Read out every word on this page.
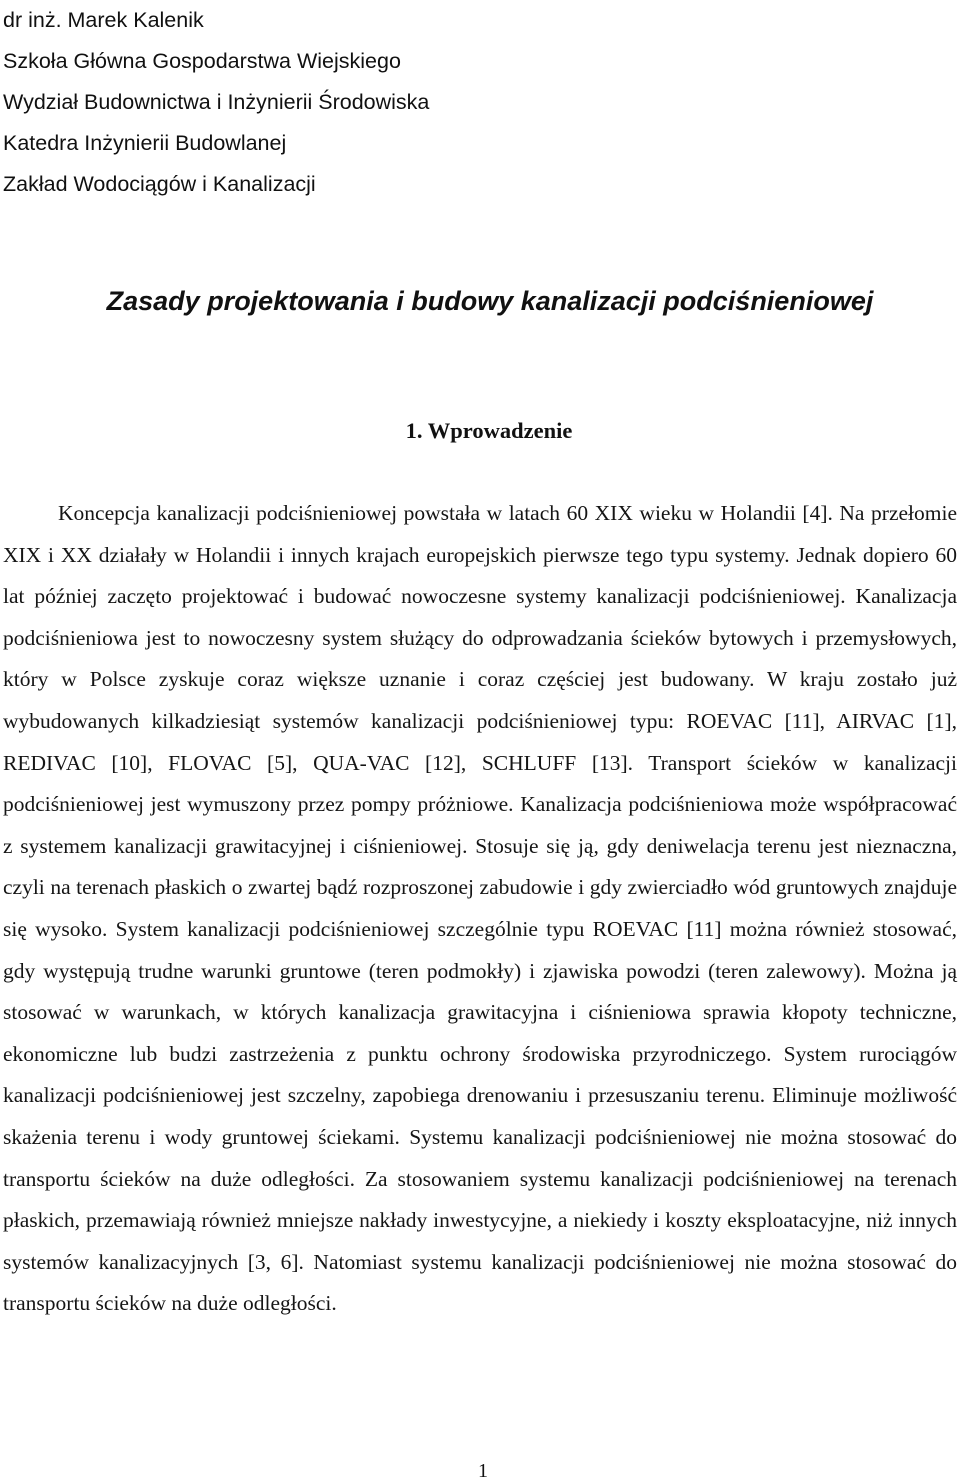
dr inż. Marek Kalenik
Szkoła Główna Gospodarstwa Wiejskiego
Wydział Budownictwa i Inżynierii Środowiska
Katedra Inżynierii Budowlanej
Zakład Wodociągów i Kanalizacji
Zasady projektowania i budowy kanalizacji podciśnieniowej
1. Wprowadzenie

Koncepcja kanalizacji podciśnieniowej powstała w latach 60 XIX wieku w Holandii [4]. Na przełomie XIX i XX działały w Holandii i innych krajach europejskich pierwsze tego typu systemy. Jednak dopiero 60 lat później zaczęto projektować i budować nowoczesne systemy kanalizacji podciśnieniowej. Kanalizacja podciśnieniowa jest to nowoczesny system służący do odprowadzania ścieków bytowych i przemysłowych, który w Polsce zyskuje coraz większe uznanie i coraz częściej jest budowany. W kraju zostało już wybudowanych kilkadziesiąt systemów kanalizacji podciśnieniowej typu: ROEVAC [11], AIRVAC [1], REDIVAC [10], FLOVAC [5], QUA-VAC [12], SCHLUFF [13]. Transport ścieków w kanalizacji podciśnieniowej jest wymuszony przez pompy próżniowe. Kanalizacja podciśnieniowa może współpracować z systemem kanalizacji grawitacyjnej i ciśnieniowej. Stosuje się ją, gdy deniwelacja terenu jest nieznaczna, czyli na terenach płaskich o zwartej bądź rozproszonej zabudowie i gdy zwierciadło wód gruntowych znajduje się wysoko. System kanalizacji podciśnieniowej szczególnie typu ROEVAC [11] można również stosować, gdy występują trudne warunki gruntowe (teren podmokły) i zjawiska powodzi (teren zalewowy). Można ją stosować w warunkach, w których kanalizacja grawitacyjna i ciśnieniowa sprawia kłopoty techniczne, ekonomiczne lub budzi zastrzeżenia z punktu ochrony środowiska przyrodniczego. System rurociągów kanalizacji podciśnieniowej jest szczelny, zapobiega drenowaniu i przesuszaniu terenu. Eliminuje możliwość skażenia terenu i wody gruntowej ściekami. Systemu kanalizacji podciśnieniowej nie można stosować do transportu ścieków na duże odległości. Za stosowaniem systemu kanalizacji podciśnieniowej na terenach płaskich, przemawiają również mniejsze nakłady inwestycyjne, a niekiedy i koszty eksploatacyjne, niż innych systemów kanalizacyjnych [3, 6]. Natomiast systemu kanalizacji podciśnieniowej nie można stosować do transportu ścieków na duże odległości.

1
